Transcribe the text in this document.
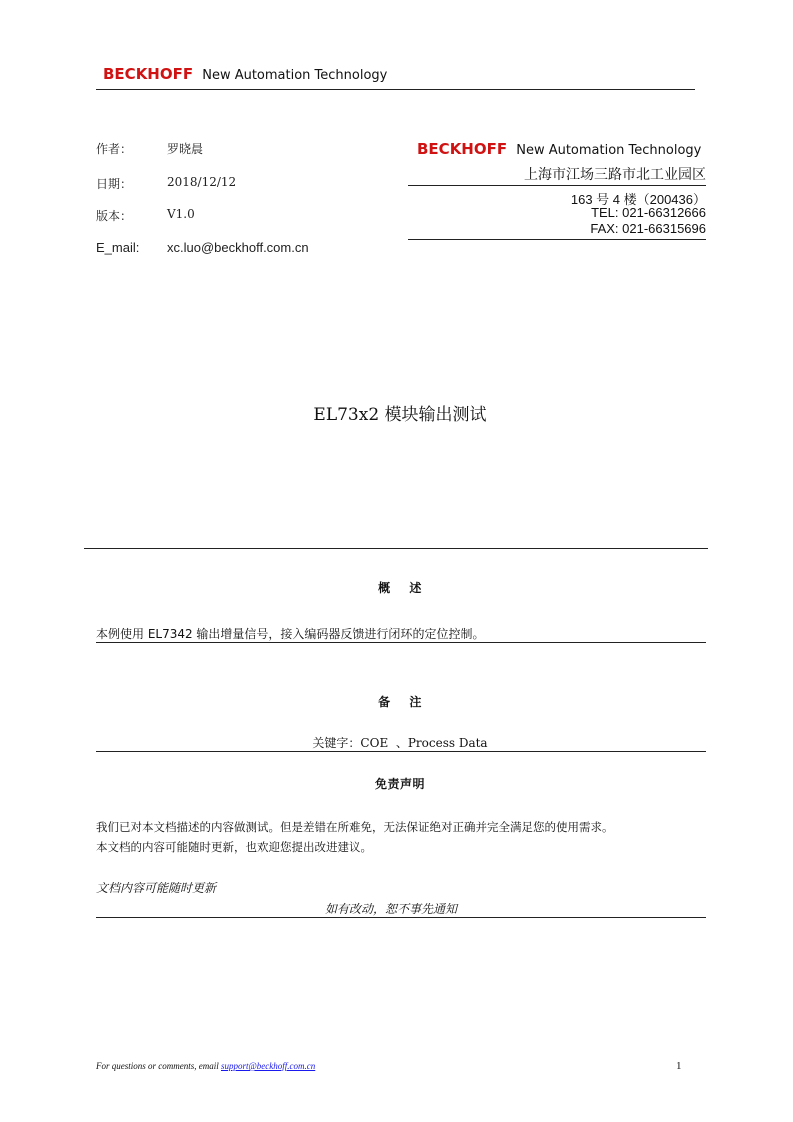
BECKHOFF New Automation Technology
作者：	罗晓晨
日期：	2018/12/12
版本：	V1.0
E_mail: xc.luo@beckhoff.com.cn
BECKHOFF New Automation Technology
上海市江场三路市北工业园区
163 号 4 楼（200436）
TEL: 021-66312666
FAX: 021-66315696
EL73x2 模块输出测试
概    述
本例使用 EL7342 输出增量信号，接入编码器反馈进行闭环的定位控制。
备    注
关键字：COE  、Process Data
免责声明
我们已对本文档描述的内容做测试。但是差错在所难免，无法保证绝对正确并完全满足您的使用需求。
本文档的内容可能随时更新，也欢迎您提出改进建议。
文档内容可能随时更新
如有改动，恕不事先通知
For questions or comments, email support@beckhoff.com.cn	1
